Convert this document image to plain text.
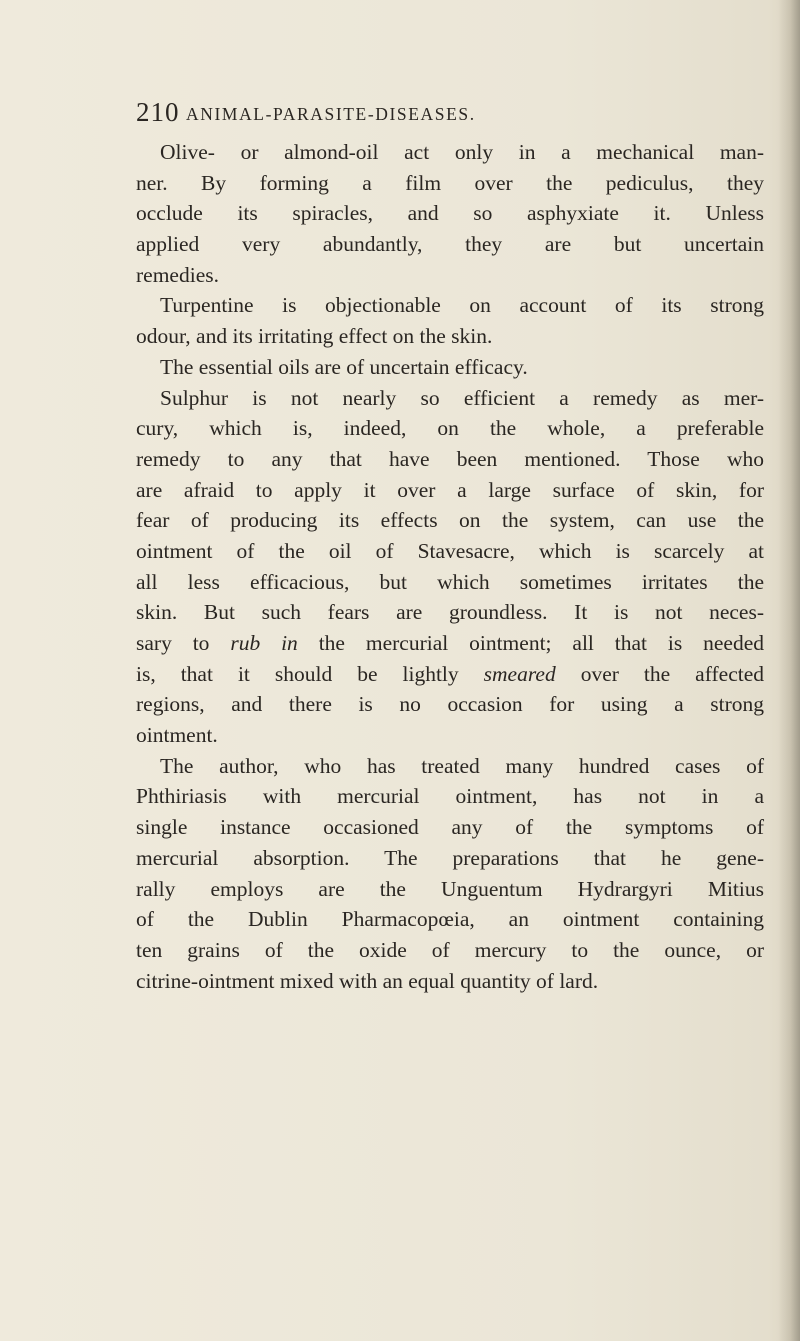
210 ANIMAL-PARASITE-DISEASES.
Olive- or almond-oil act only in a mechanical man-
ner. By forming a film over the pediculus, they
occlude its spiracles, and so asphyxiate it. Unless
applied very abundantly, they are but uncertain
remedies.
Turpentine is objectionable on account of its strong
odour, and its irritating effect on the skin.
The essential oils are of uncertain efficacy.
Sulphur is not nearly so efficient a remedy as mer-
cury, which is, indeed, on the whole, a preferable
remedy to any that have been mentioned. Those who
are afraid to apply it over a large surface of skin, for
fear of producing its effects on the system, can use the
ointment of the oil of Stavesacre, which is scarcely at
all less efficacious, but which sometimes irritates the
skin. But such fears are groundless. It is not neces-
sary to rub in the mercurial ointment; all that is needed
is, that it should be lightly smeared over the affected
regions, and there is no occasion for using a strong
ointment.
The author, who has treated many hundred cases of
Phthiriasis with mercurial ointment, has not in a
single instance occasioned any of the symptoms of
mercurial absorption. The preparations that he gene-
rally employs are the Unguentum Hydrargyri Mitius
of the Dublin Pharmacopœia, an ointment containing
ten grains of the oxide of mercury to the ounce, or
citrine-ointment mixed with an equal quantity of lard.
